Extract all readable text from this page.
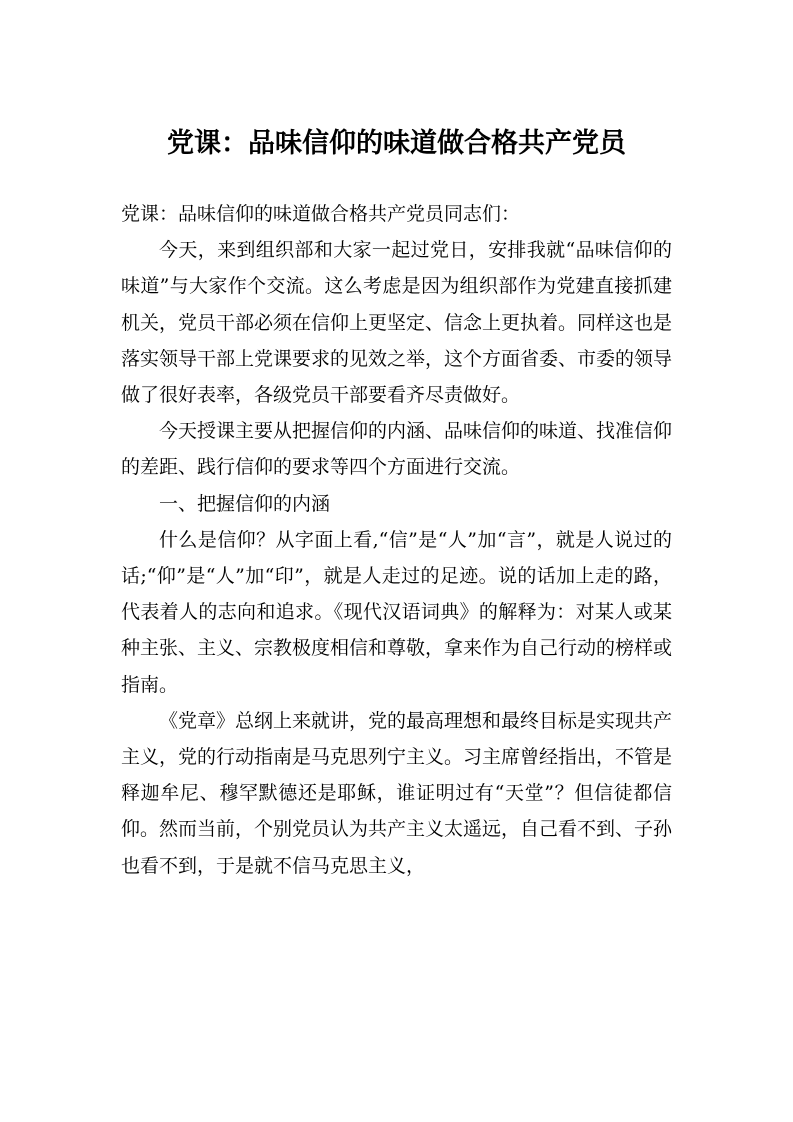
党课：品味信仰的味道做合格共产党员

党课：品味信仰的味道做合格共产党员同志们：

今天，来到组织部和大家一起过党日，安排我就“品味信仰的味道”与大家作个交流。这么考虑是因为组织部作为党建直接抓建机关，党员干部必须在信仰上更坚定、信念上更执着。同样这也是落实领导干部上党课要求的见效之举，这个方面省委、市委的领导做了很好表率，各级党员干部要看齐尽责做好。

今天授课主要从把握信仰的内涵、品味信仰的味道、找准信仰的差距、践行信仰的要求等四个方面进行交流。

一、把握信仰的内涵

什么是信仰？从字面上看,“信”是“人”加“言”，就是人说过的话;“仰”是“人”加“印”，就是人走过的足迹。说的话加上走的路，代表着人的志向和追求。《现代汉语词典》的解释为：对某人或某种主张、主义、宗教极度相信和尊敬，拿来作为自己行动的榜样或指南。

《党章》总纲上来就讲，党的最高理想和最终目标是实现共产主义，党的行动指南是马克思列宁主义。习主席曾经指出，不管是释迦牟尼、穆罕默德还是耶稣，谁证明过有“天堂”？但信徒都信仰。然而当前，个别党员认为共产主义太遥远，自己看不到、子孙也看不到，于是就不信马克思主义，
